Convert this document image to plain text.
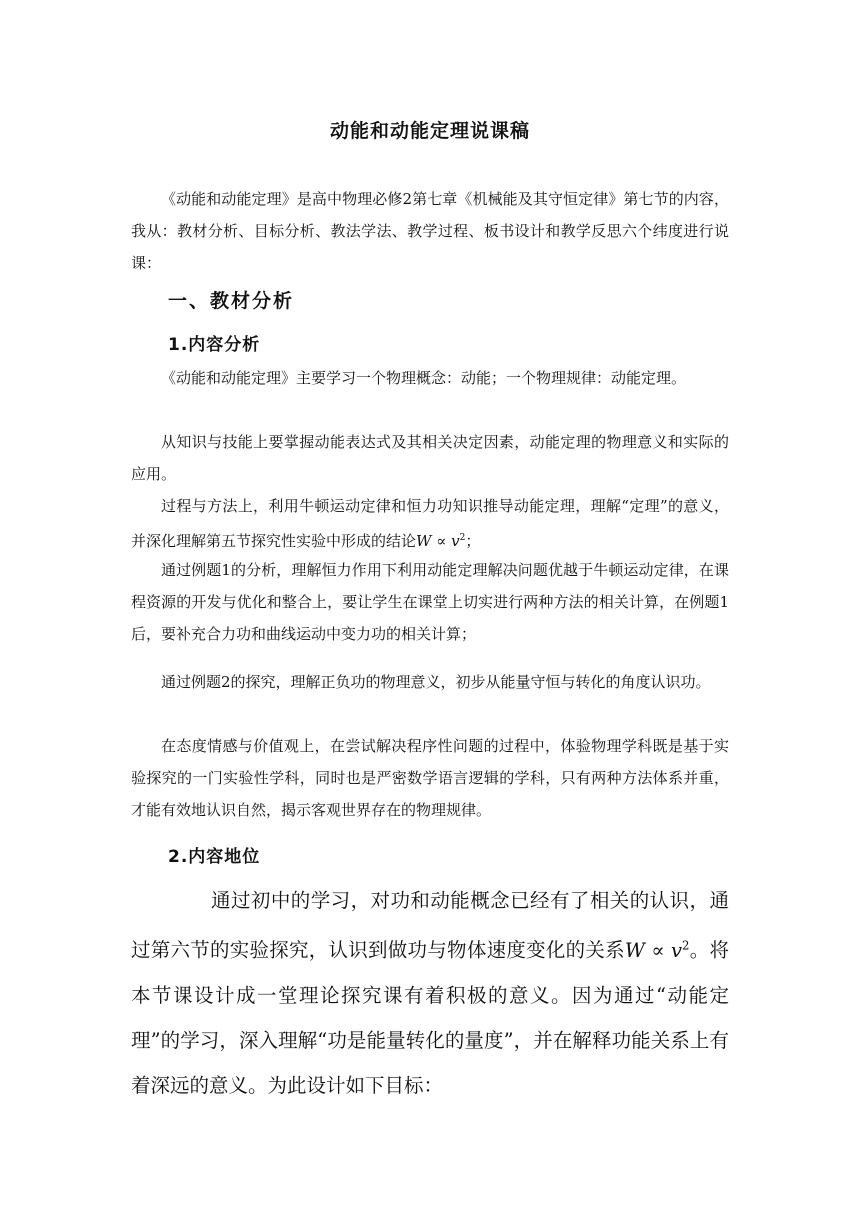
动能和动能定理说课稿

《动能和动能定理》是高中物理必修2第七章《机械能及其守恒定律》第七节的内容，我从：教材分析、目标分析、教法学法、教学过程、板书设计和教学反思六个纬度进行说课：

一、教材分析
1.内容分析

《动能和动能定理》主要学习一个物理概念：动能；一个物理规律：动能定理。

从知识与技能上要掌握动能表达式及其相关决定因素，动能定理的物理意义和实际的应用。

过程与方法上，利用牛顿运动定律和恒力功知识推导动能定理，理解“定理”的意义，并深化理解第五节探究性实验中形成的结论$W \propto v^2$；

通过例题1的分析，理解恒力作用下利用动能定理解决问题优越于牛顿运动定律，在课程资源的开发与优化和整合上，要让学生在课堂上切实进行两种方法的相关计算，在例题1后，要补充合力功和曲线运动中变力功的相关计算；

通过例题2的探究，理解正负功的物理意义，初步从能量守恒与转化的角度认识功。

在态度情感与价值观上，在尝试解决程序性问题的过程中，体验物理学科既是基于实验探究的一门实验性学科，同时也是严密数学语言逻辑的学科，只有两种方法体系并重，才能有效地认识自然，揭示客观世界存在的物理规律。

2.内容地位

通过初中的学习，对功和动能概念已经有了相关的认识，通过第六节的实验探究，认识到做功与物体速度变化的关系$W \propto v^2$。将本节课设计成一堂理论探究课有着积极的意义。因为通过“动能定理”的学习，深入理解“功是能量转化的量度”，并在解释功能关系上有着深远的意义。为此设计如下目标：
